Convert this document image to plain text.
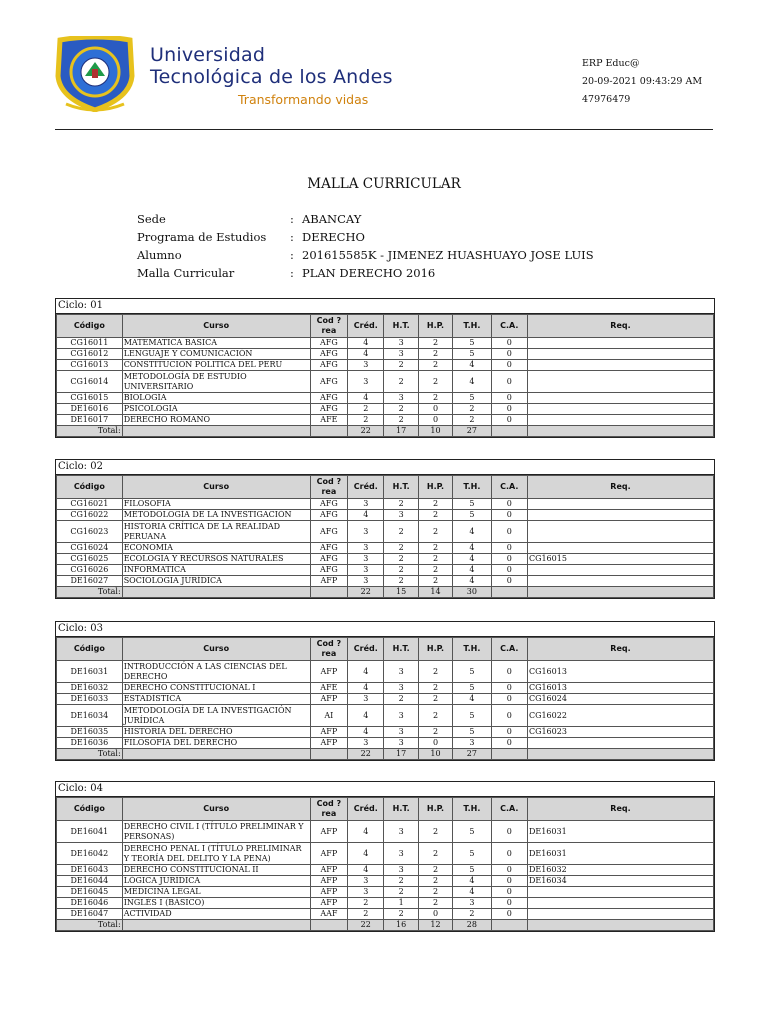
Universidad
Tecnológica de los Andes
Transformando vidas
ERP Educ@
20-09-2021 09:43:29 AM
47976479
MALLA CURRICULAR
Sede	: ABANCAY
Programa de Estudios	: DERECHO
Alumno	: 201615585K - JIMENEZ HUASHUAYO JOSE LUIS
Malla Curricular	: PLAN DERECHO 2016
Ciclo: 01
Código	Curso	Cod ?rea	Créd.	H.T.	H.P.	T.H.	C.A.	Req.
CG16011	MATEMATICA BASICA	AFG	4	3	2	5	0	
CG16012	LENGUAJE Y COMUNICACIÓN	AFG	4	3	2	5	0	
CG16013	CONSTITUCION POLITICA DEL PERU	AFG	3	2	2	4	0	
CG16014	METODOLOGÍA DE ESTUDIO UNIVERSITARIO	AFG	3	2	2	4	0	
CG16015	BIOLOGÍA	AFG	4	3	2	5	0	
DE16016	PSICOLOGIA	AFG	2	2	0	2	0	
DE16017	DERECHO ROMANO	AFE	2	2	0	2	0	
Total:			22	17	10	27		
Ciclo: 02
Código	Curso	Cod ?rea	Créd.	H.T.	H.P.	T.H.	C.A.	Req.
CG16021	FILOSOFIA	AFG	3	2	2	5	0	
CG16022	METODOLOGÍA DE LA INVESTIGACIÓN	AFG	4	3	2	5	0	
CG16023	HISTORIA CRÍTICA DE LA REALIDAD PERUANA	AFG	3	2	2	4	0	
CG16024	ECONOMÍA	AFG	3	2	2	4	0	
CG16025	ECOLOGÍA Y RECURSOS NATURALES	AFG	3	2	2	4	0	CG16015
CG16026	INFORMATICA	AFG	3	2	2	4	0	
DE16027	SOCIOLOGIA JURÍDICA	AFP	3	2	2	4	0	
Total:			22	15	14	30		
Ciclo: 03
Código	Curso	Cod ?rea	Créd.	H.T.	H.P.	T.H.	C.A.	Req.
DE16031	INTRODUCCIÓN A LAS CIENCIAS DEL DERECHO	AFP	4	3	2	5	0	CG16013
DE16032	DERECHO CONSTITUCIONAL I	AFE	4	3	2	5	0	CG16013
DE16033	ESTADÍSTICA	AFP	3	2	2	4	0	CG16024
DE16034	METODOLOGÍA DE LA INVESTIGACIÓN JURÍDICA	AI	4	3	2	5	0	CG16022
DE16035	HISTORIA DEL DERECHO	AFP	4	3	2	5	0	CG16023
DE16036	FILOSOFÍA DEL DERECHO	AFP	3	3	0	3	0	
Total:			22	17	10	27		
Ciclo: 04
Código	Curso	Cod ?rea	Créd.	H.T.	H.P.	T.H.	C.A.	Req.
DE16041	DERECHO CIVIL I (TÍTULO PRELIMINAR Y PERSONAS)	AFP	4	3	2	5	0	DE16031
DE16042	DERECHO PENAL I (TÍTULO PRELIMINAR Y TEORÍA DEL DELITO Y LA PENA)	AFP	4	3	2	5	0	DE16031
DE16043	DERECHO CONSTITUCIONAL II	AFP	4	3	2	5	0	DE16032
DE16044	LÓGICA JURÍDICA	AFP	3	2	2	4	0	DE16034
DE16045	MEDICINA LEGAL	AFP	3	2	2	4	0	
DE16046	INGLÉS I (BÁSICO)	AFP	2	1	2	3	0	
DE16047	ACTIVIDAD	AAF	2	2	0	2	0	
Total:			22	16	12	28		
